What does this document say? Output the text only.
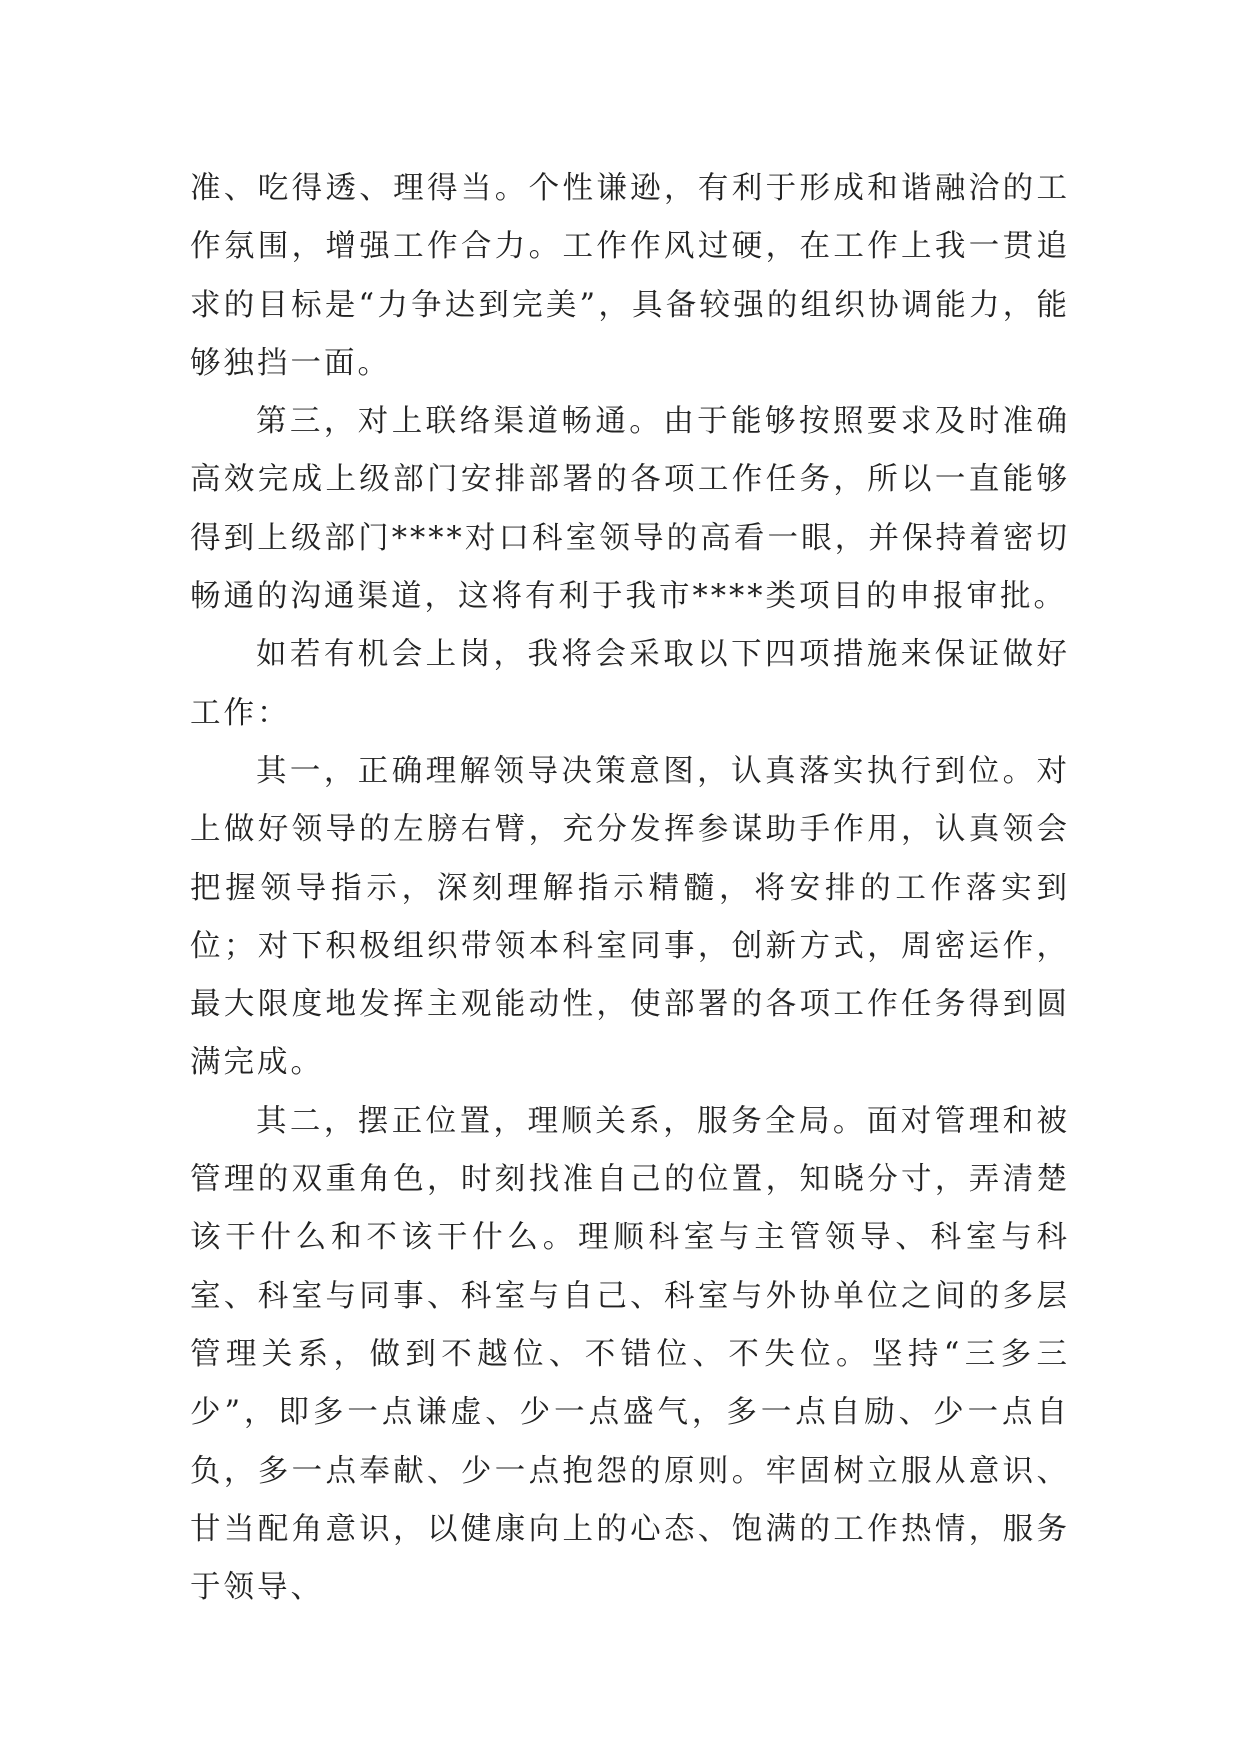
准、吃得透、理得当。个性谦逊，有利于形成和谐融洽的工作氛围，增强工作合力。工作作风过硬，在工作上我一贯追求的目标是“力争达到完美”，具备较强的组织协调能力，能够独挡一面。

第三，对上联络渠道畅通。由于能够按照要求及时准确高效完成上级部门安排部署的各项工作任务，所以一直能够得到上级部门****对口科室领导的高看一眼，并保持着密切畅通的沟通渠道，这将有利于我市****类项目的申报审批。

如若有机会上岗，我将会采取以下四项措施来保证做好工作：

其一，正确理解领导决策意图，认真落实执行到位。对上做好领导的左膀右臂，充分发挥参谋助手作用，认真领会把握领导指示，深刻理解指示精髓，将安排的工作落实到位；对下积极组织带领本科室同事，创新方式，周密运作，最大限度地发挥主观能动性，使部署的各项工作任务得到圆满完成。

其二，摆正位置，理顺关系，服务全局。面对管理和被管理的双重角色，时刻找准自己的位置，知晓分寸，弄清楚该干什么和不该干什么。理顺科室与主管领导、科室与科室、科室与同事、科室与自己、科室与外协单位之间的多层管理关系，做到不越位、不错位、不失位。坚持“三多三少”，即多一点谦虚、少一点盛气，多一点自励、少一点自负，多一点奉献、少一点抱怨的原则。牢固树立服从意识、甘当配角意识，以健康向上的心态、饱满的工作热情，服务于领导、
